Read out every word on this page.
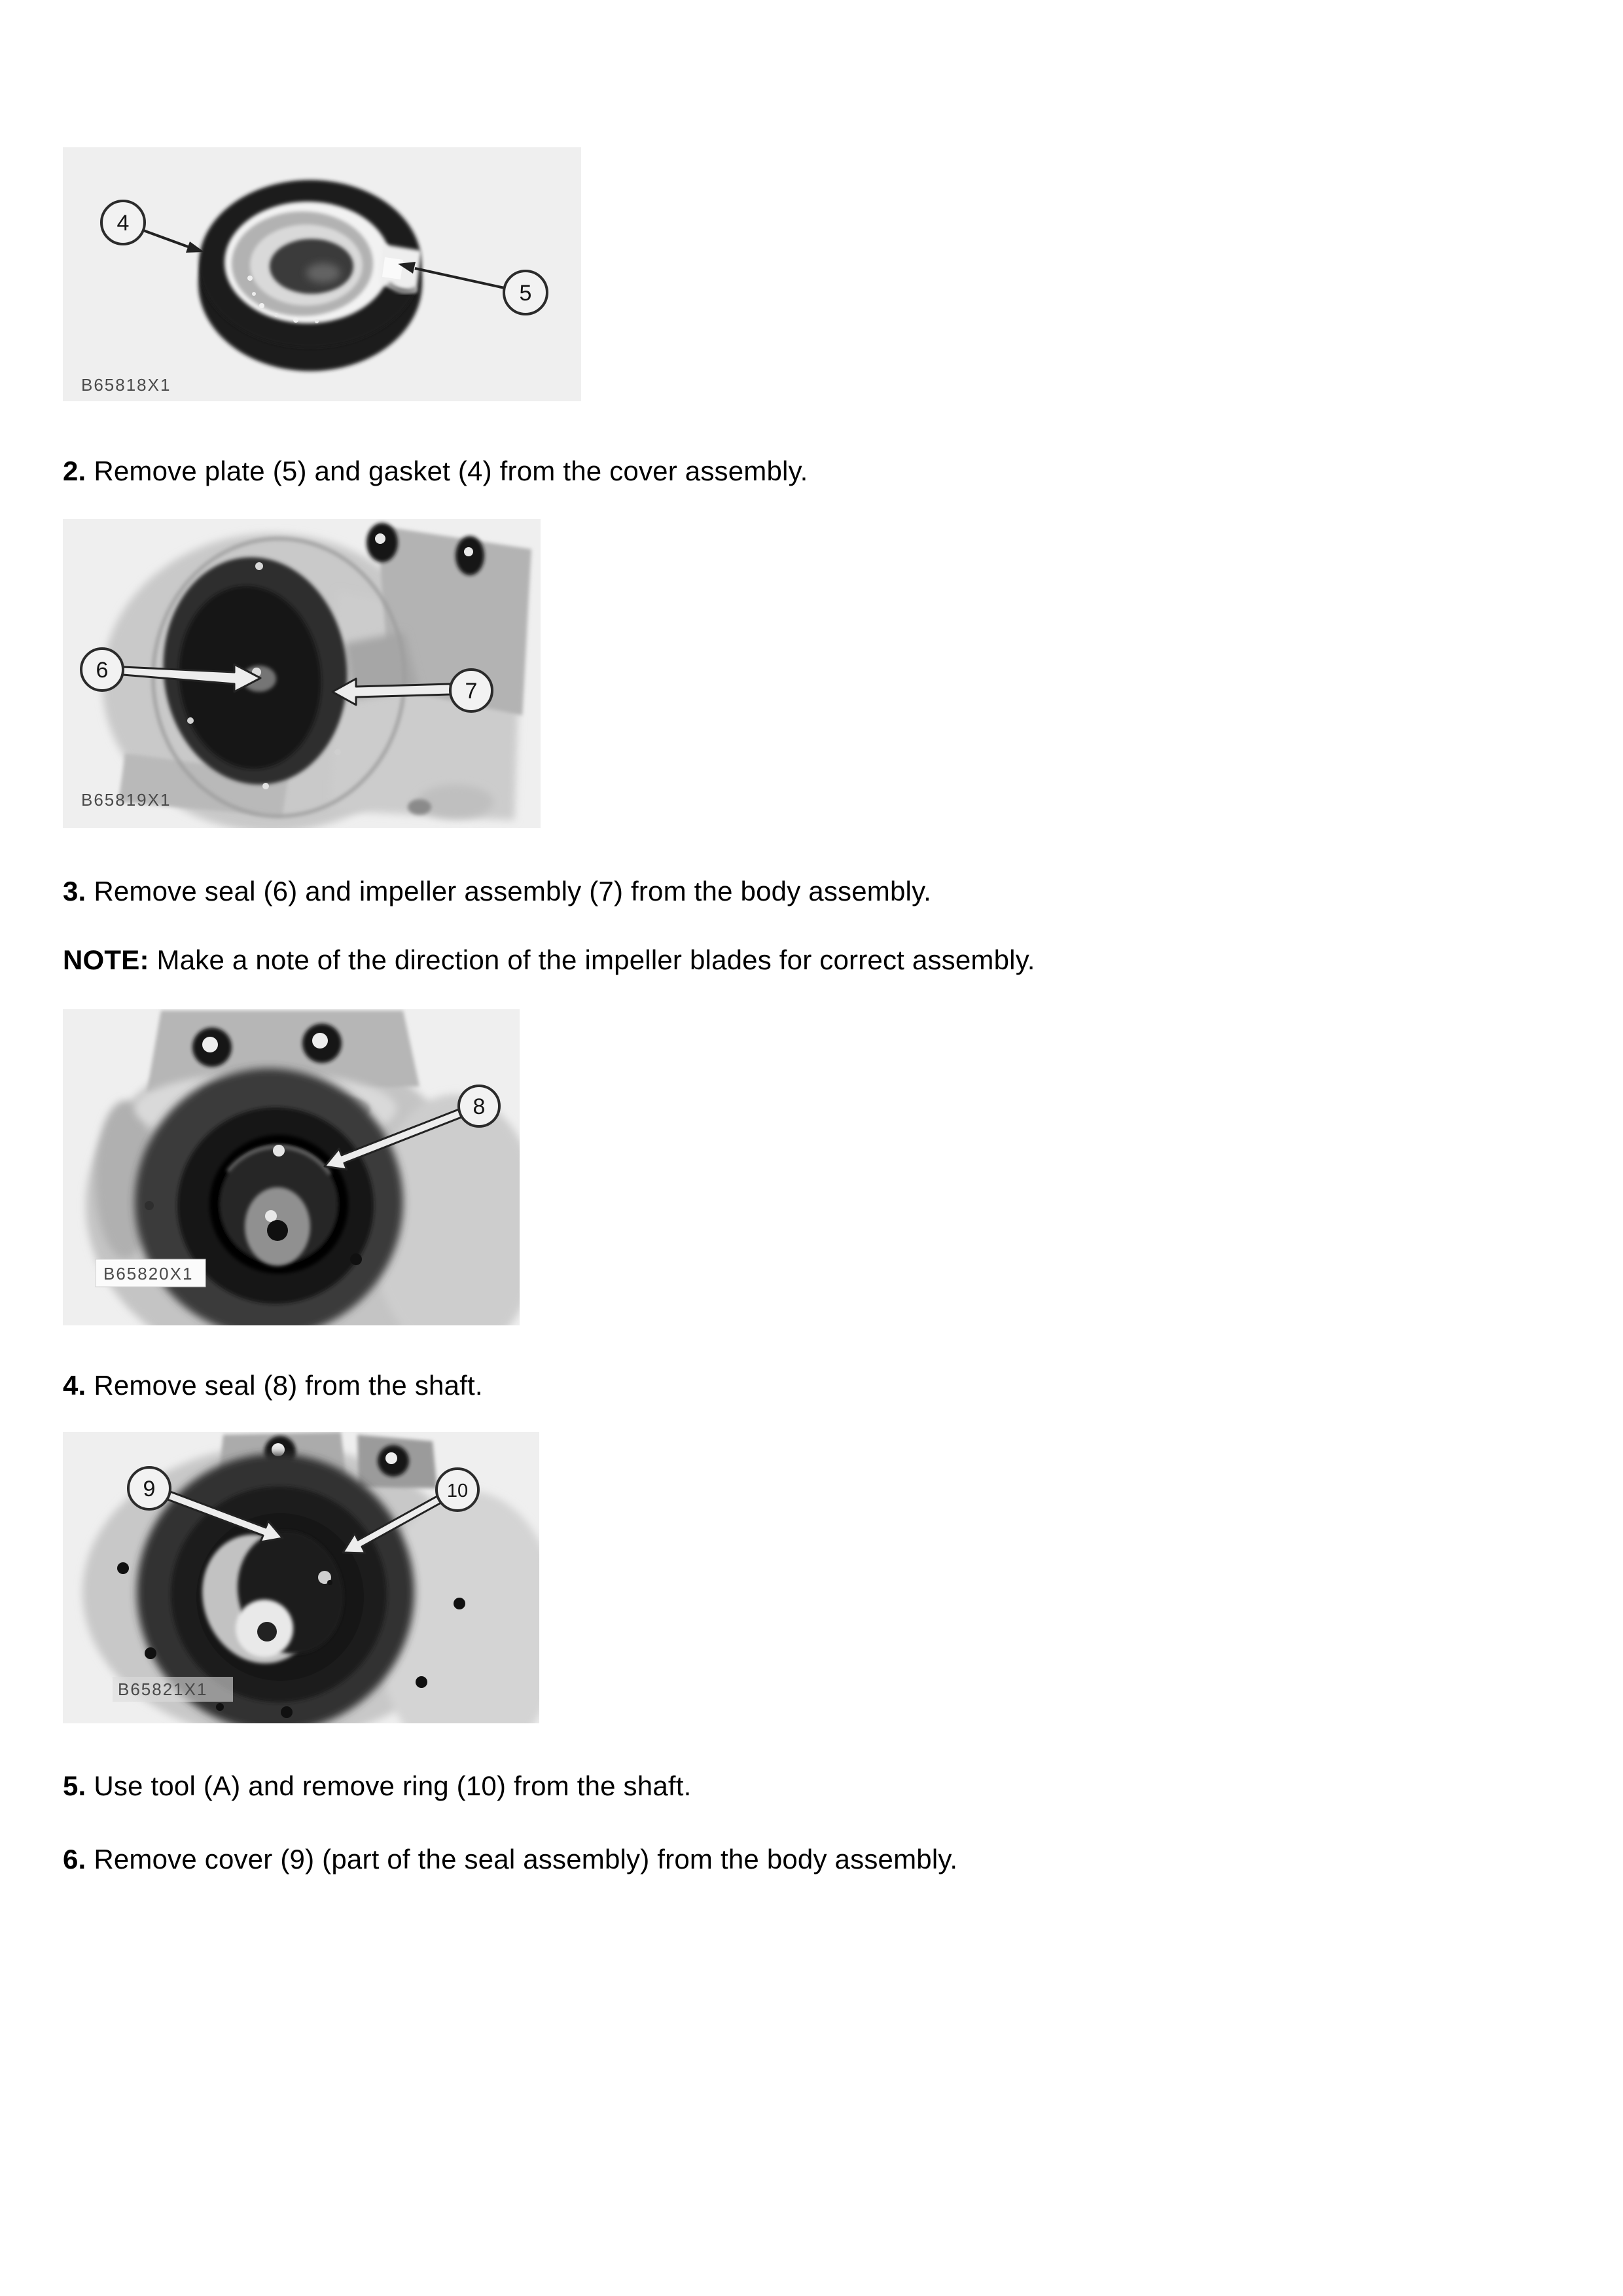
4
5
B65818X1

2. Remove plate (5) and gasket (4) from the cover assembly.

6
7
B65819X1

3. Remove seal (6) and impeller assembly (7) from the body assembly.

NOTE: Make a note of the direction of the impeller blades for correct assembly.

8
B65820X1

4. Remove seal (8) from the shaft.

9	10
B65821X1

5. Use tool (A) and remove ring (10) from the shaft.

6. Remove cover (9) (part of the seal assembly) from the body assembly.
